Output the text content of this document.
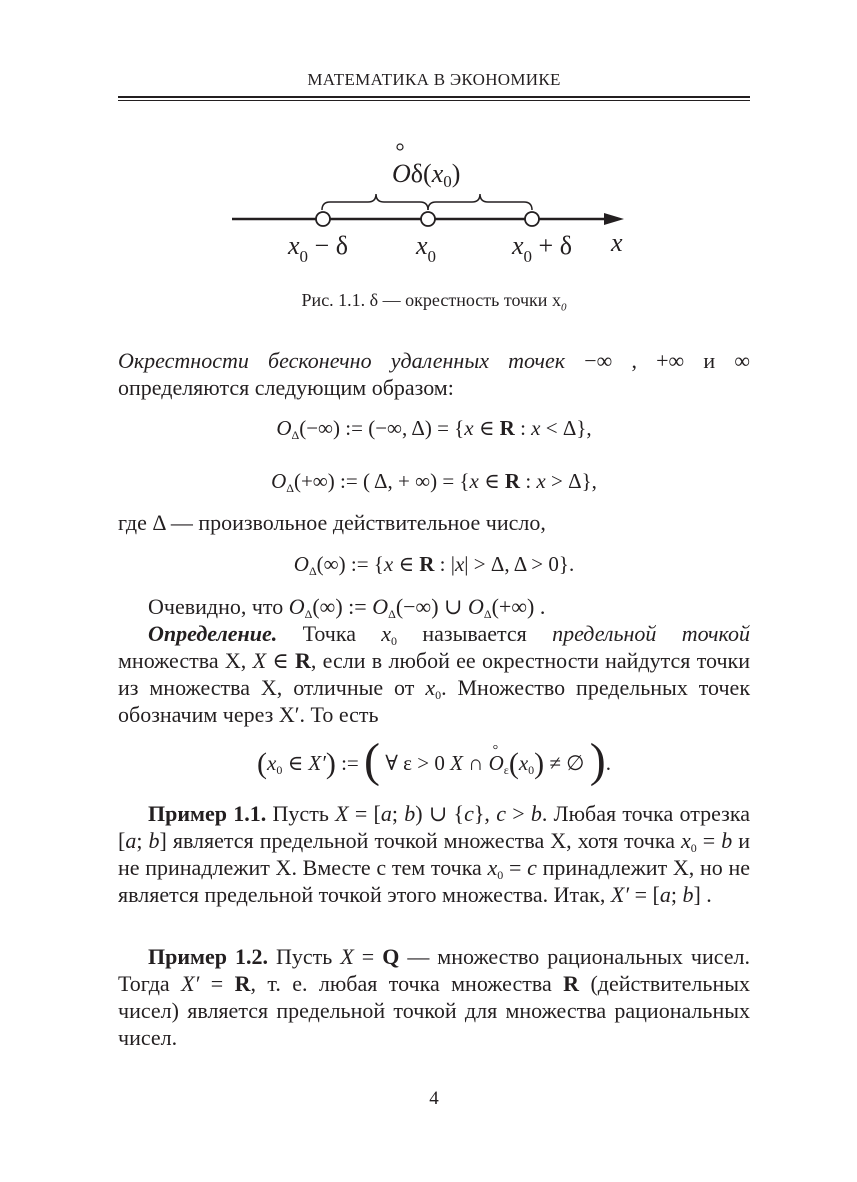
МАТЕМАТИКА В ЭКОНОМИКЕ
Oδ(x0)
$x_0 - \delta$	$x_0$	$x_0 + \delta$ x
Рис. 1.1. δ — окрестность точки $x_0$
Окрестности бесконечно удаленных точек −∞ , +∞ и ∞
определяются следующим образом:
$O_\Delta(-\infty)$ := (−∞, Δ) = {x ∈ R : x < Δ},
$O_\Delta(+\infty)$ := ( Δ, + ∞) = {x ∈ R : x > Δ},
где Δ — произвольное действительное число,
$O_\Delta(\infty)$ := {x ∈ R : |x| > Δ, Δ > 0}.
Очевидно, что $O_\Delta(\infty)$ := $O_\Delta(-\infty)$ ∪ $O_\Delta(+\infty)$ .
Определение. Точка $x_0$ называется предельной точкой множества X, X ∈ R, если в любой ее окрестности найдутся точки из множества X, отличные от $x_0$. Множество предельных точек обозначим через X′. То есть
($x_0$ ∈ X′) := ( ∀ ε > 0 X ∩ ° $O_\varepsilon(x_0)$ ≠ ∅ ).
Пример 1.1. Пусть X = [a; b) ∪ {c}, c > b. Любая точка отрезка [a; b] является предельной точкой множества X, хотя точка $x_0 = b$ и не принадлежит X. Вместе с тем точка $x_0 = c$ принадлежит X, но не является предельной точкой этого множества. Итак, X′ = [a; b] .
Пример 1.2. Пусть X = Q — множество рациональных чисел. Тогда X′ = R, т. е. любая точка множества R (действительных чисел) является предельной точкой для множества рациональных чисел.
4
